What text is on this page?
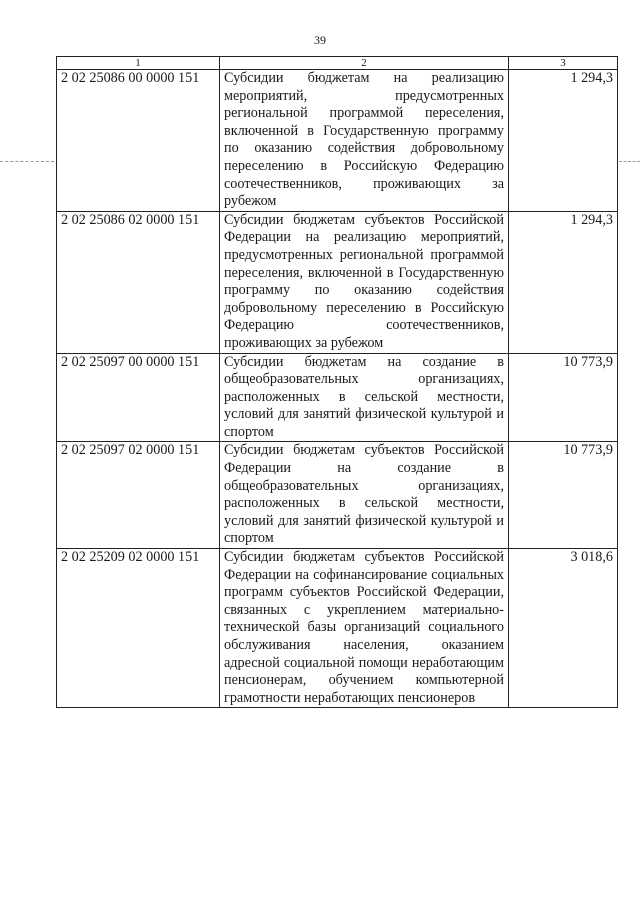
39
1	2	3
2 02 25086 00 0000 151	Субсидии бюджетам на реализацию мероприятий, предусмотренных региональной программой переселения, включенной в Государственную программу по оказанию содействия добровольному переселению в Российскую Федерацию соотечественников, проживающих за рубежом	1 294,3
2 02 25086 02 0000 151	Субсидии бюджетам субъектов Российской Федерации на реализацию мероприятий, предусмотренных региональной программой переселения, включенной в Государственную программу по оказанию содействия добровольному переселению в Российскую Федерацию соотечественников, проживающих за рубежом	1 294,3
2 02 25097 00 0000 151	Субсидии бюджетам на создание в общеобразовательных организациях, расположенных в сельской местности, условий для занятий физической культурой и спортом	10 773,9
2 02 25097 02 0000 151	Субсидии бюджетам субъектов Российской Федерации на создание в общеобразовательных организациях, расположенных в сельской местности, условий для занятий физической культурой и спортом	10 773,9
2 02 25209 02 0000 151	Субсидии бюджетам субъектов Российской Федерации на софинансирование социальных программ субъектов Российской Федерации, связанных с укреплением материально-технической базы организаций социального обслуживания населения, оказанием адресной социальной помощи неработающим пенсионерам, обучением компьютерной грамотности неработающих пенсионеров	3 018,6
